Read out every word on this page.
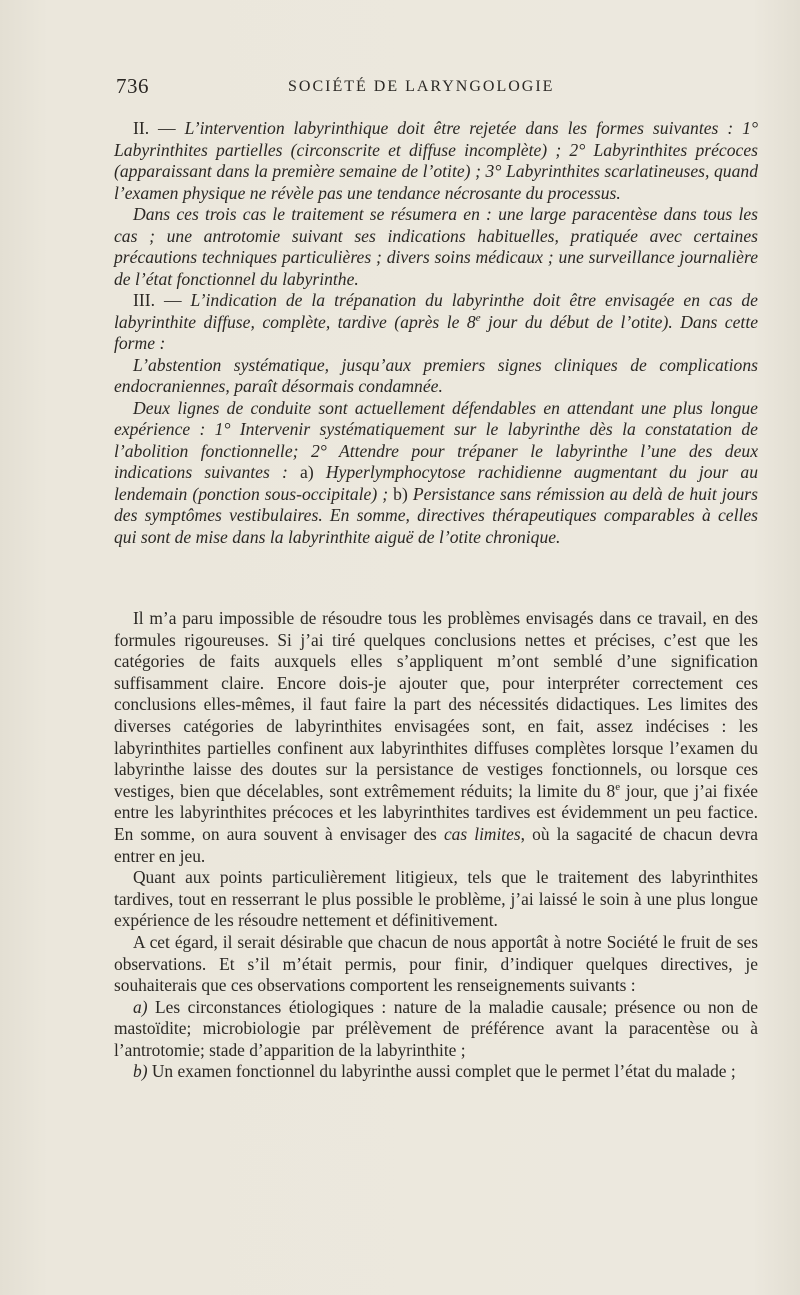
736	SOCIÉTÉ DE LARYNGOLOGIE

II. — L’intervention labyrinthique doit être rejetée dans les formes suivantes : 1° Labyrinthites partielles (circonscrite et diffuse incomplète) ; 2° Labyrinthites précoces (apparaissant dans la première semaine de l’otite) ; 3° Labyrinthites scarlatineuses, quand l’examen physique ne révèle pas une tendance nécrosante du processus.

Dans ces trois cas le traitement se résumera en : une large paracentèse dans tous les cas ; une antrotomie suivant ses indications habituelles, pratiquée avec certaines précautions techniques particulières ; divers soins médicaux ; une surveillance journalière de l’état fonctionnel du labyrinthe.

III. — L’indication de la trépanation du labyrinthe doit être envisagée en cas de labyrinthite diffuse, complète, tardive (après le 8e jour du début de l’otite). Dans cette forme :

L’abstention systématique, jusqu’aux premiers signes cliniques de complications endocraniennes, paraît désormais condamnée.

Deux lignes de conduite sont actuellement défendables en attendant une plus longue expérience : 1° Intervenir systématiquement sur le labyrinthe dès la constatation de l’abolition fonctionnelle; 2° Attendre pour trépaner le labyrinthe l’une des deux indications suivantes : a) Hyperlymphocytose rachidienne augmentant du jour au lendemain (ponction sous-occipitale) ; b) Persistance sans rémission au delà de huit jours des symptômes vestibulaires. En somme, directives thérapeutiques comparables à celles qui sont de mise dans la labyrinthite aiguë de l’otite chronique.

Il m’a paru impossible de résoudre tous les problèmes envisagés dans ce travail, en des formules rigoureuses. Si j’ai tiré quelques conclusions nettes et précises, c’est que les catégories de faits auxquels elles s’appliquent m’ont semblé d’une signification suffisamment claire. Encore dois-je ajouter que, pour interpréter correctement ces conclusions elles-mêmes, il faut faire la part des nécessités didactiques. Les limites des diverses catégories de labyrinthites envisagées sont, en fait, assez indécises : les labyrinthites partielles confinent aux labyrinthites diffuses complètes lorsque l’examen du labyrinthe laisse des doutes sur la persistance de vestiges fonctionnels, ou lorsque ces vestiges, bien que décelables, sont extrêmement réduits; la limite du 8e jour, que j’ai fixée entre les labyrinthites précoces et les labyrinthites tardives est évidemment un peu factice. En somme, on aura souvent à envisager des cas limites, où la sagacité de chacun devra entrer en jeu.

Quant aux points particulièrement litigieux, tels que le traitement des labyrinthites tardives, tout en resserrant le plus possible le problème, j’ai laissé le soin à une plus longue expérience de les résoudre nettement et définitivement.

A cet égard, il serait désirable que chacun de nous apportât à notre Société le fruit de ses observations. Et s’il m’était permis, pour finir, d’indiquer quelques directives, je souhaiterais que ces observations comportent les renseignements suivants :

a) Les circonstances étiologiques : nature de la maladie causale; présence ou non de mastoïdite; microbiologie par prélèvement de préférence avant la paracentèse ou à l’antrotomie; stade d’apparition de la labyrinthite ;

b) Un examen fonctionnel du labyrinthe aussi complet que le permet l’état du malade ;
